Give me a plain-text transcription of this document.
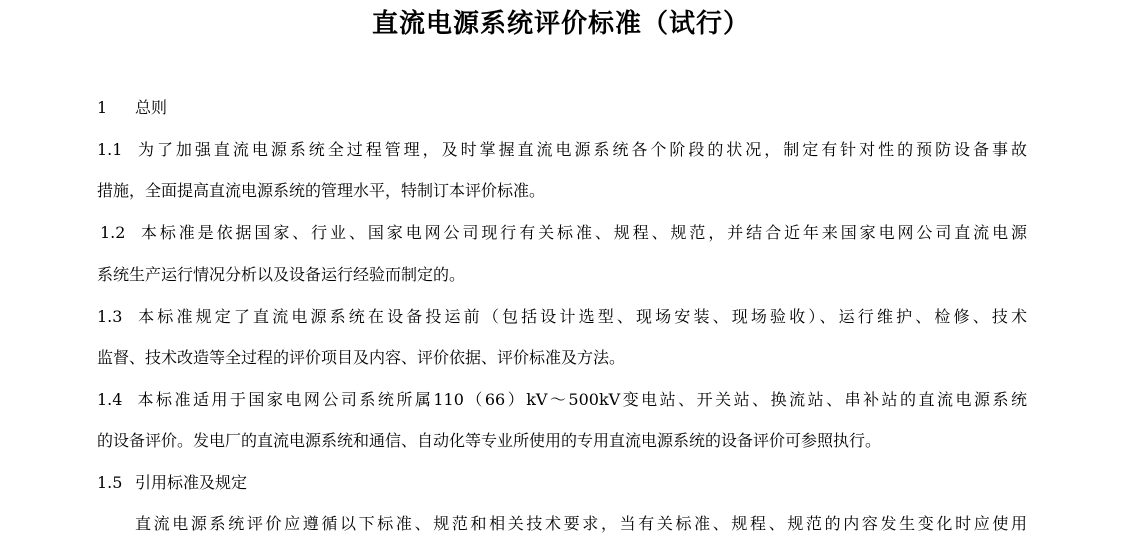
直流电源系统评价标准（试行）
1 总则
1.1 为了加强直流电源系统全过程管理，及时掌握直流电源系统各个阶段的状况，制定有针对性的预防设备事故
措施，全面提高直流电源系统的管理水平，特制订本评价标准。
1.2 本标准是依据国家、行业、国家电网公司现行有关标准、规程、规范，并结合近年来国家电网公司直流电源
系统生产运行情况分析以及设备运行经验而制定的。
1.3 本标准规定了直流电源系统在设备投运前（包括设计选型、现场安装、现场验收）、运行维护、检修、技术
监督、技术改造等全过程的评价项目及内容、评价依据、评价标准及方法。
1.4 本标准适用于国家电网公司系统所属110（66）kV～500kV变电站、开关站、换流站、串补站的直流电源系统
的设备评价。发电厂的直流电源系统和通信、自动化等专业所使用的专用直流电源系统的设备评价可参照执行。
1.5 引用标准及规定
直流电源系统评价应遵循以下标准、规范和相关技术要求，当有关标准、规程、规范的内容发生变化时应使用
